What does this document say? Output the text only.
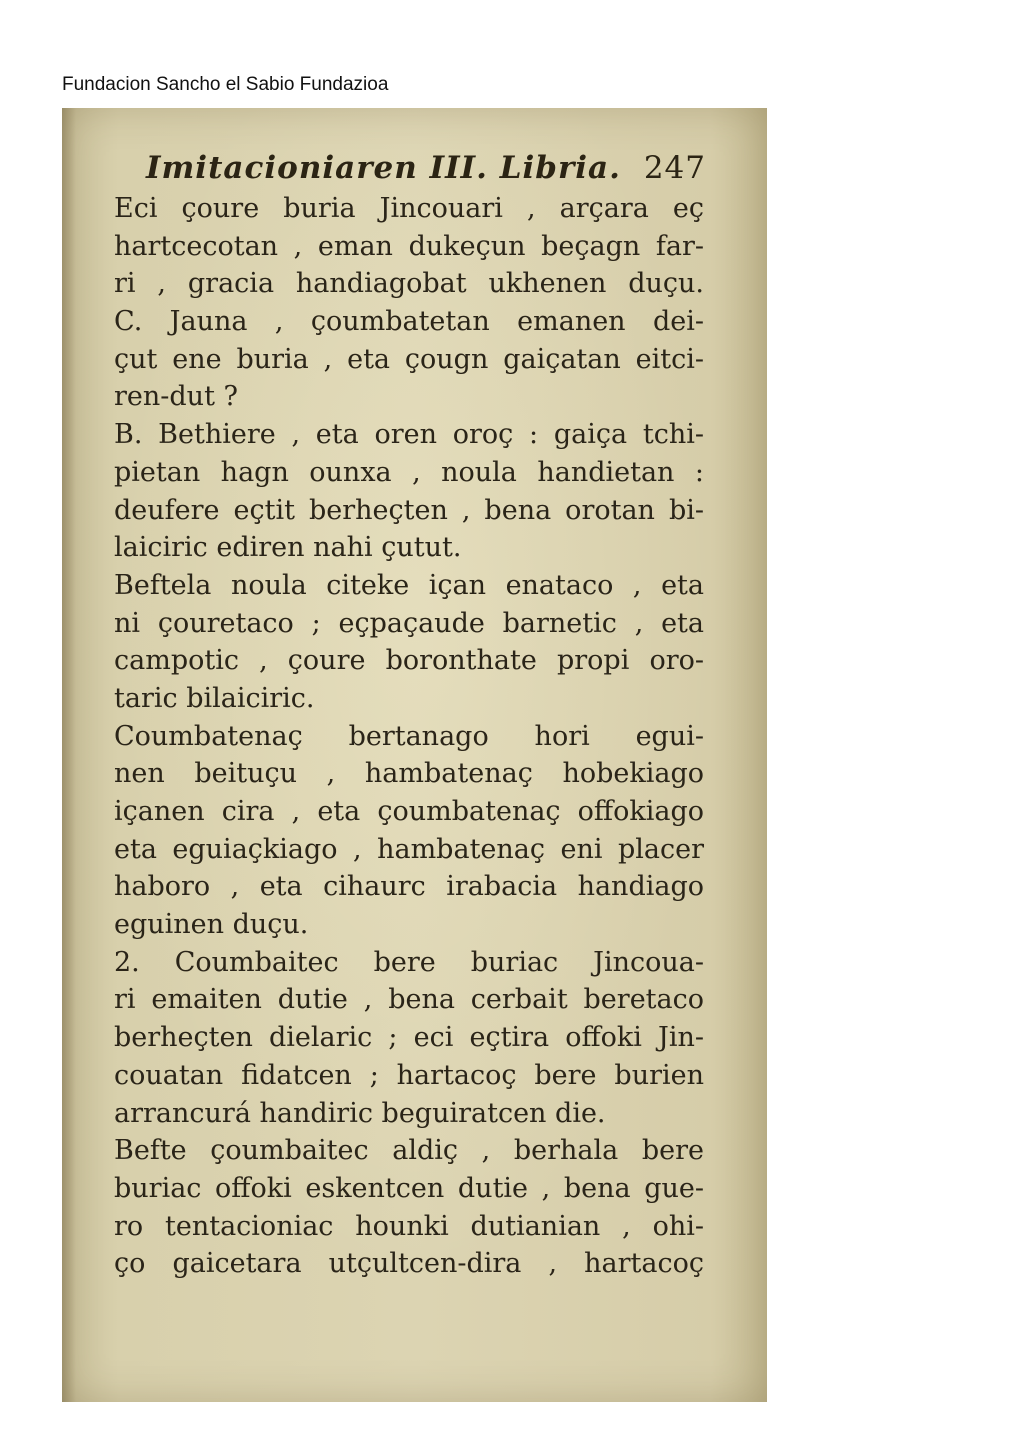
Fundacion Sancho el Sabio Fundazioa
Imitacioniaren III. Libria. 247
Eci çoure buria Jincouari , arçara eç
hartcecotan , eman dukeçun beçagn far-
ri , gracia handiagobat ukhenen duçu.
C. Jauna , çoumbatetan emanen dei-
çut ene buria , eta çougn gaiçatan eitci-
ren-dut ?
B. Bethiere , eta oren oroç : gaiça tchi-
pietan hagn ounxa , noula handietan :
deufere eçtit berheçten , bena orotan bi-
laiciric ediren nahi çutut.
Beftela noula citeke içan enataco , eta
ni çouretaco ; eçpaçaude barnetic , eta
campotic , çoure boronthate propi oro-
taric bilaiciric.
Coumbatenaç bertanago hori egui-
nen beituçu , hambatenaç hobekiago
içanen cira , eta çoumbatenaç offokiago
eta eguiaçkiago , hambatenaç eni placer
haboro , eta cihaurc irabacia handiago
eguinen duçu.
2. Coumbaitec bere buriac Jincoua-
ri emaiten dutie , bena cerbait beretaco
berheçten dielaric ; eci eçtira offoki Jin-
couatan fidatcen ; hartacoç bere burien
arrancurá handiric beguiratcen die.
Befte çoumbaitec aldiç , berhala bere
buriac offoki eskentcen dutie , bena gue-
ro tentacioniac hounki dutianian , ohi-
ço gaicetara utçultcen-dira , hartacoç
